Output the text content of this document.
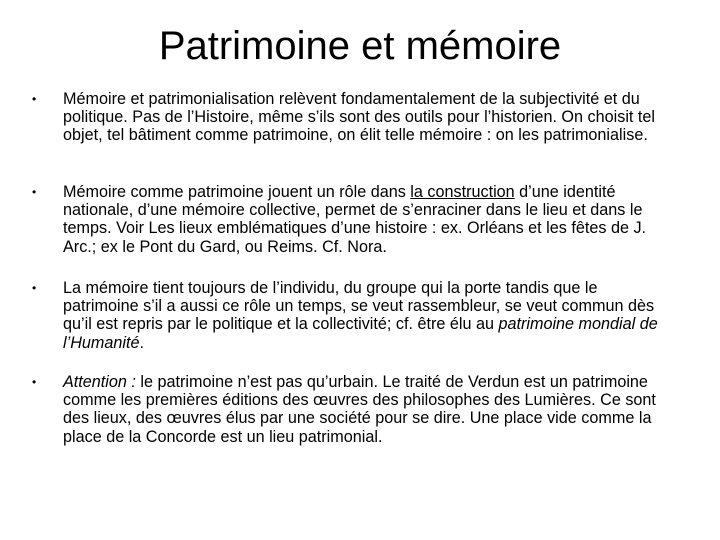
Patrimoine et mémoire
•	Mémoire et patrimonialisation relèvent fondamentalement de la subjectivité et du politique. Pas de l’Histoire, même s’ils sont des outils pour l’historien. On choisit tel objet, tel bâtiment comme patrimoine, on élit telle mémoire : on les patrimonialise.
•	Mémoire comme patrimoine jouent un rôle dans la construction d’une identité nationale, d’une mémoire collective, permet de s’enraciner dans le lieu et dans le temps. Voir Les lieux emblématiques d’une histoire : ex. Orléans et les fêtes de J. Arc.; ex le Pont du Gard, ou Reims. Cf. Nora.
•	La mémoire tient toujours de l’individu, du groupe qui la porte tandis que le patrimoine s’il a aussi ce rôle un temps, se veut rassembleur, se veut commun dès qu’il est repris par le politique et la collectivité; cf. être élu au patrimoine mondial de l’Humanité.
•	Attention : le patrimoine n’est pas qu’urbain. Le traité de Verdun est un patrimoine comme les premières éditions des œuvres des philosophes des Lumières. Ce sont des lieux, des œuvres élus par une société pour se dire. Une place vide comme la place de la Concorde est un lieu patrimonial.
